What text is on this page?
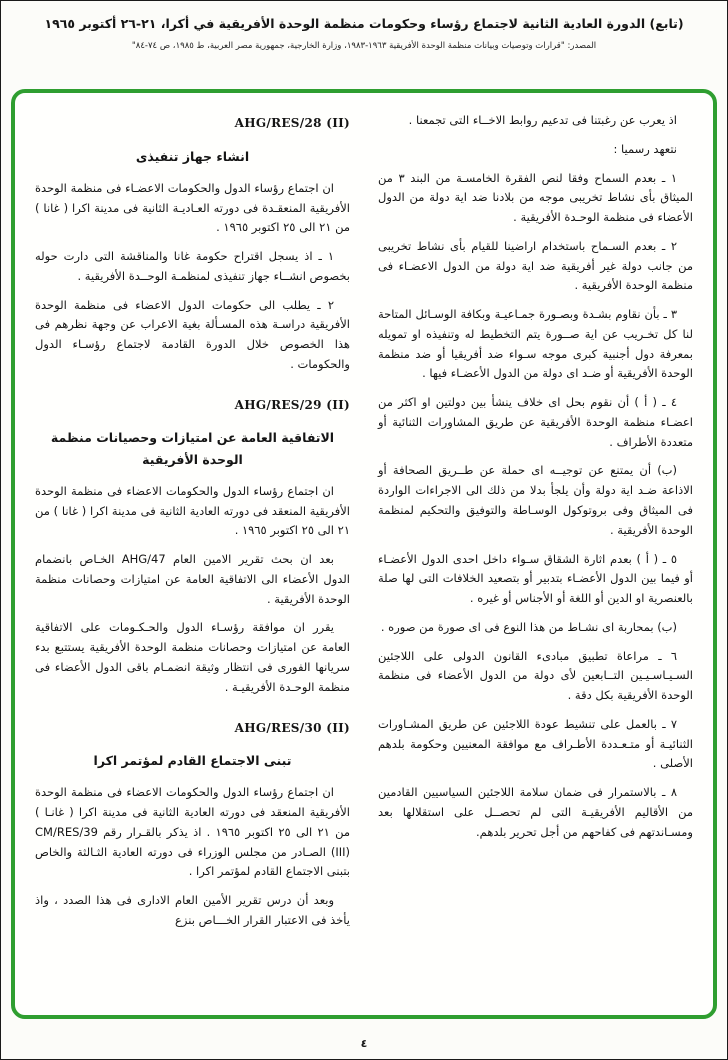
(تابع) الدورة العادية الثانية لاجتماع رؤساء وحكومات منظمة الوحدة الأفريقية في أكرا، ٢١-٢٦ أكتوبر ١٩٦٥
المصدر: "قرارات وتوصيات وبيانات منظمة الوحدة الأفريقية ١٩٦٣-١٩٨٣، وزارة الخارجية، جمهورية مصر العربية، ط ١٩٨٥، ص ٧٤-٨٤"

اذ يعرب عن رغبتنا فى تدعيم روابط الاخــاء التى تجمعنا .

نتعهد رسميا :

١ ـ بعدم السماح وفقا لنص الفقرة الخامسـة من البند ٣ من الميثاق بأى نشاط تخريبى موجه من بلادنا ضد اية دولة من الدول الأعضاء فى منظمة الوحـدة الأفريقية .

٢ ـ بعدم السـماح باستخدام اراضينا للقيام بأى نشاط تخريبى من جانب دولة غير أفريقية ضد اية دولة من الدول الاعضـاء فى منظمة الوحدة الأفريقية .

٣ ـ بأن نقاوم بشـدة وبصـورة جمـاعيـة وبكافة الوسـائل المتاحة لنا كل تخـريب عن اية صــورة يتم التخطيط له وتنفيذه او تمويله بمعرفة دول أجنبية كبرى موجه سـواء ضد أفريقيا أو ضد منظمة الوحدة الأفريقية أو ضـد اى دولة من الدول الأعضـاء فيها .

٤ ـ ( أ ) أن نقوم بحل اى خلاف ينشأ بين دولتين او اكثر من اعضـاء منظمة الوحدة الأفريقية عن طريق المشاورات الثنائية أو متعددة الأطراف .

(ب) أن يمتنع عن توجيــه اى حملة عن طــريق الصحافة أو الاذاعة ضـد اية دولة وأن يلجأ بدلا من ذلك الى الاجراءات الواردة فى الميثاق وفى بروتوكول الوسـاطة والتوفيق والتحكيم لمنظمة الوحدة الأفريقية .

٥ ـ ( أ ) بعدم اثارة الشقاق سـواء داخل احدى الدول الأعضـاء أو فيما بين الدول الأعضـاء بتدبير أو بتصعيد الخلافات التى لها صلة بالعنصرية او الدين أو اللغة أو الأجناس أو غيره .

(ب) بمحاربة اى نشـاط من هذا النوع فى اى صورة من صوره .

٦ ـ مراعاة تطبيق مبادىء القانون الدولى على اللاجئين السـيـاسـيـين التــابعين لأى دولة من الدول الأعضاء فى منظمة الوحدة الأفريقية بكل دقة .

٧ ـ بالعمل على تنشيط عودة اللاجئين عن طريق المشـاورات الثنائيـة أو متـعـددة الأطـراف مع موافقة المعنيين وحكومة بلدهم الأصلى .

٨ ـ بالاستمرار فى ضمان سلامة اللاجئين السياسيين القادمين من الأقاليم الأفريقيـة التى لم تحصــل على استقلالها بعد ومسـاندتهم فى كفاحهم من أجل تحرير بلدهم.

AHG/RES/28 (II)
انشاء جهاز تنفيذى

ان اجتماع رؤساء الدول والحكومات الاعضـاء فى منظمة الوحدة الأفريقية المنعقـدة فى دورته العـاديـة الثانية فى مدينة اكرا ( غانا ) من ٢١ الى ٢٥ اكتوبر ١٩٦٥ .

١ ـ اذ يسجل اقتراح حكومة غانا والمناقشة التى دارت حوله بخصوص انشــاء جهاز تنفيذى لمنظمـة الوحــدة الأفريقية .

٢ ـ يطلب الى حكومات الدول الاعضاء فى منظمة الوحدة الأفريقية دراسـة هذه المسـألة بغية الاعراب عن وجهة نظرهم فى هذا الخصوص خلال الدورة القادمة لاجتماع رؤسـاء الدول والحكومات .

AHG/RES/29 (II)
الاتفاقية العامة عن امتيازات وحصيانات منظمة الوحدة الأفريقية

ان اجتماع رؤساء الدول والحكومات الاعضاء فى منظمة الوحدة الأفريقية المنعقد فى دورته العادية الثانية فى مدينة اكرا ( غانا ) من ٢١ الى ٢٥ اكتوبر ١٩٦٥ .

بعد ان بحث تقرير الامين العام AHG/47 الخـاص بانضمام الدول الأعضاء الى الاتفاقية العامة عن امتيازات وحصانات منظمة الوحدة الأفريقية .

يقرر ان موافقة رؤسـاء الدول والحـكـومات على الاتفاقية العامة عن امتيازات وحصانات منظمة الوحدة الأفريقية يستتبع بدء سريانها الفورى فى انتظار وثيقة انضمـام باقى الدول الأعضاء فى منظمة الوحـدة الأفريقيـة .

AHG/RES/30 (II)
تبنى الاجتماع القادم لمؤتمر اكرا

ان اجتماع رؤساء الدول والحكومات الاعضاء فى منظمة الوحدة الأفريقية المنعقد فى دورته العادية الثانية فى مدينة اكرا ( غانـا ) من ٢١ الى ٢٥ اكتوبر ١٩٦٥ . اذ يذكر بالقـرار رقم CM/RES/39 (III) الصـادر من مجلس الوزراء فى دورته العادية الثـالثة والخاص بتبنى الاجتماع القادم لمؤتمر اكرا .

وبعد أن درس تقرير الأمين العام الادارى فى هذا الصدد ، واذ يأخذ فى الاعتبار القرار الخـــاص بنزع

٤
